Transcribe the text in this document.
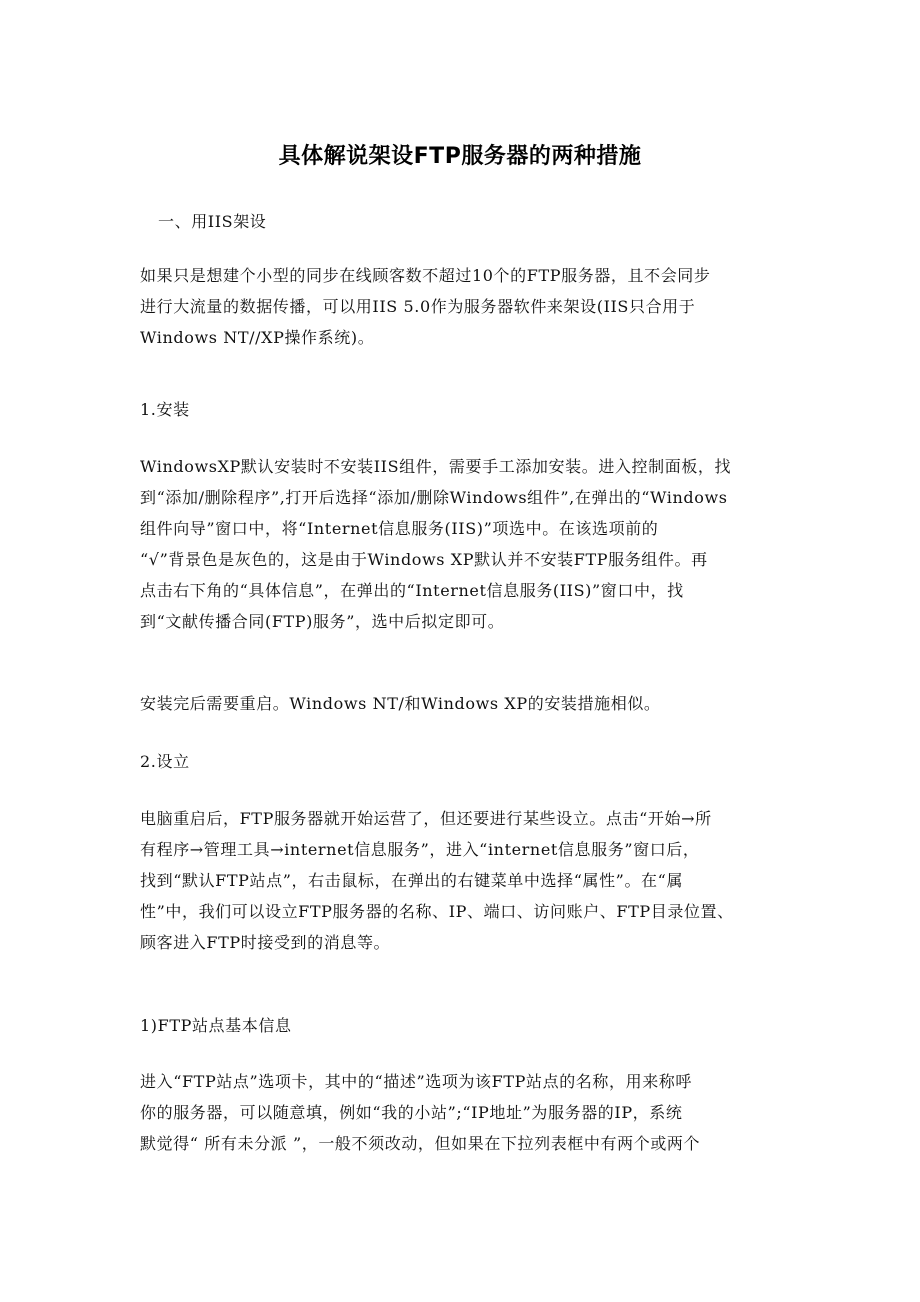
具体解说架设FTP服务器的两种措施
一、用IIS架设
如果只是想建个小型的同步在线顾客数不超过10个的FTP服务器，且不会同步
进行大流量的数据传播，可以用IIS 5.0作为服务器软件来架设(IIS只合用于
Windows NT//XP操作系统)。
1.安装
WindowsXP默认安装时不安装IIS组件，需要手工添加安装。进入控制面板，找
到“添加/删除程序”,打开后选择“添加/删除Windows组件”,在弹出的“Windows
组件向导”窗口中，将“Internet信息服务(IIS)”项选中。在该选项前的
“√”背景色是灰色的，这是由于Windows XP默认并不安装FTP服务组件。再
点击右下角的“具体信息”，在弹出的“Internet信息服务(IIS)”窗口中，找
到“文献传播合同(FTP)服务”，选中后拟定即可。
安装完后需要重启。Windows NT/和Windows XP的安装措施相似。
2.设立
电脑重启后，FTP服务器就开始运营了，但还要进行某些设立。点击“开始→所
有程序→管理工具→internet信息服务”，进入“internet信息服务”窗口后，
找到“默认FTP站点”，右击鼠标，在弹出的右键菜单中选择“属性”。在“属
性”中，我们可以设立FTP服务器的名称、IP、端口、访问账户、FTP目录位置、
顾客进入FTP时接受到的消息等。
1)FTP站点基本信息
进入“FTP站点”选项卡，其中的“描述”选项为该FTP站点的名称，用来称呼
你的服务器，可以随意填，例如“我的小站”;“IP地址”为服务器的IP，系统
默觉得“ 所有未分派 ”，一般不须改动，但如果在下拉列表框中有两个或两个
